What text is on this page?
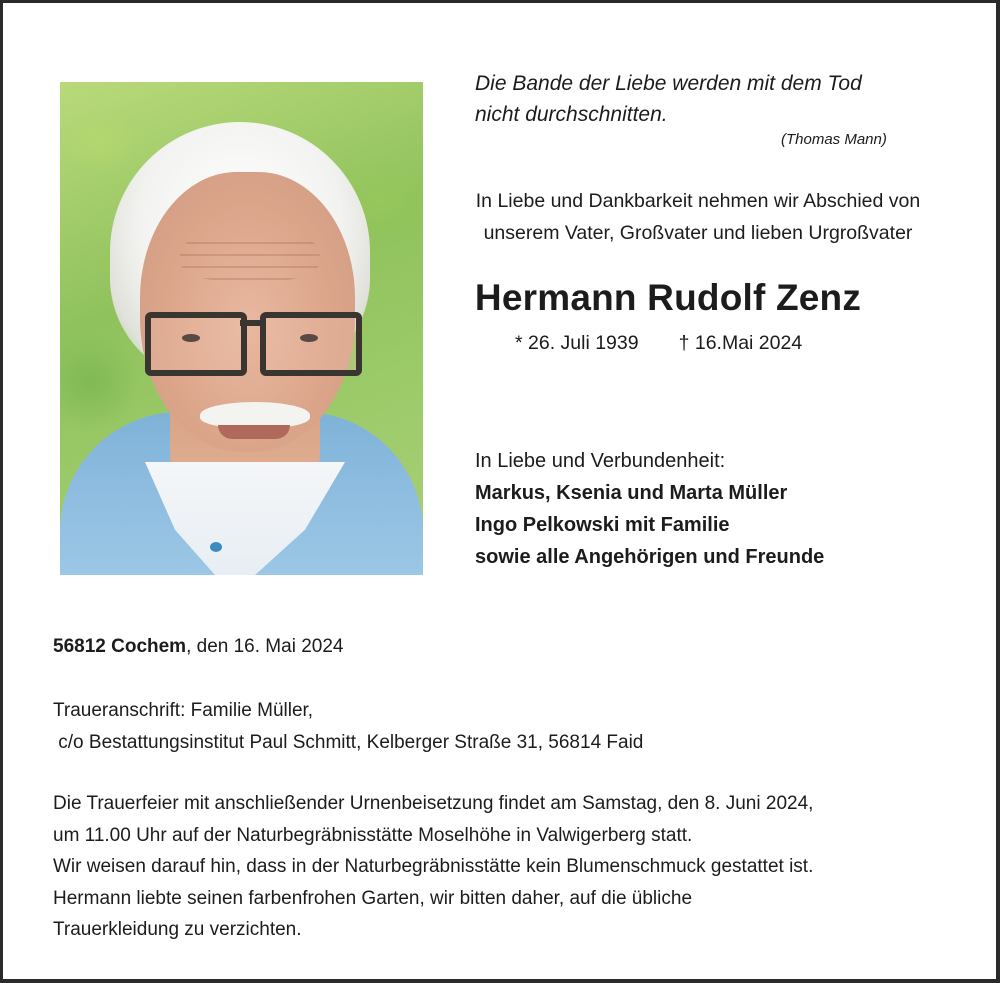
Die Bande der Liebe werden mit dem Tod
nicht durchschnitten.
(Thomas Mann)
In Liebe und Dankbarkeit nehmen wir Abschied von
unserem Vater, Großvater und lieben Urgroßvater
Hermann Rudolf Zenz
* 26. Juli 1939 † 16.Mai 2024
In Liebe und Verbundenheit:
Markus, Ksenia und Marta Müller
Ingo Pelkowski mit Familie
sowie alle Angehörigen und Freunde
56812 Cochem, den 16. Mai 2024
Traueranschrift: Familie Müller,
c/o Bestattungsinstitut Paul Schmitt, Kelberger Straße 31, 56814 Faid
Die Trauerfeier mit anschließender Urnenbeisetzung findet am Samstag, den 8. Juni 2024,
um 11.00 Uhr auf der Naturbegräbnisstätte Moselhöhe in Valwigerberg statt.
Wir weisen darauf hin, dass in der Naturbegräbnisstätte kein Blumenschmuck gestattet ist.
Hermann liebte seinen farbenfrohen Garten, wir bitten daher, auf die übliche
Trauerkleidung zu verzichten.
